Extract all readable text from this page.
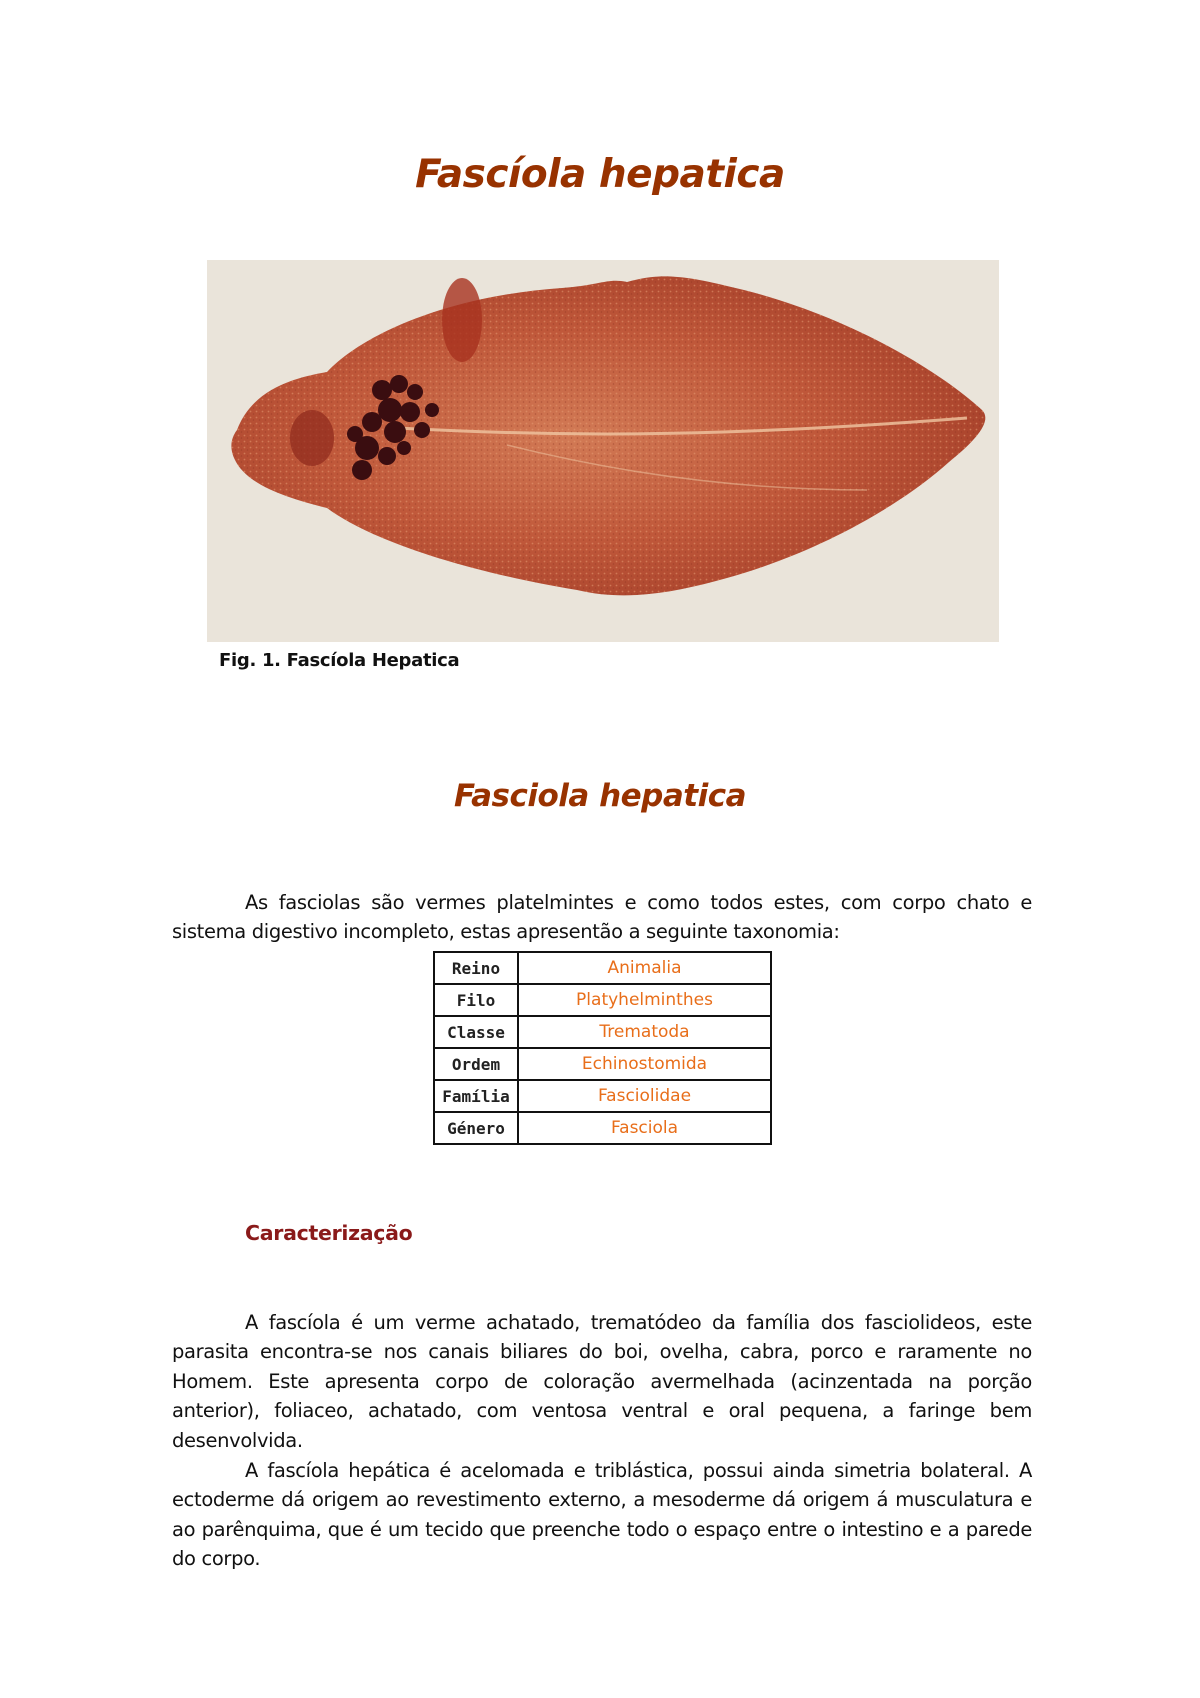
Fascíola hepatica
Fig. 1. Fascíola Hepatica
Fasciola hepatica

As fasciolas são vermes platelmintes e como todos estes, com corpo chato e sistema digestivo incompleto, estas apresentão a seguinte taxonomia:

Reino	Animalia
Filo	Platyhelminthes
Classe	Trematoda
Ordem	Echinostomida
Família	Fasciolidae
Género	Fasciola
Caracterização

A fascíola é um verme achatado, trematódeo da família dos fasciolideos, este parasita encontra-se nos canais biliares do boi, ovelha, cabra, porco e raramente no Homem. Este apresenta corpo de coloração avermelhada (acinzentada na porção anterior), foliaceo, achatado, com ventosa ventral e oral pequena, a faringe bem desenvolvida.

A fascíola hepática é acelomada e triblástica, possui ainda simetria bolateral. A ectoderme dá origem ao revestimento externo, a mesoderme dá origem á musculatura e ao parênquima, que é um tecido que preenche todo o espaço entre o intestino e a parede do corpo.
